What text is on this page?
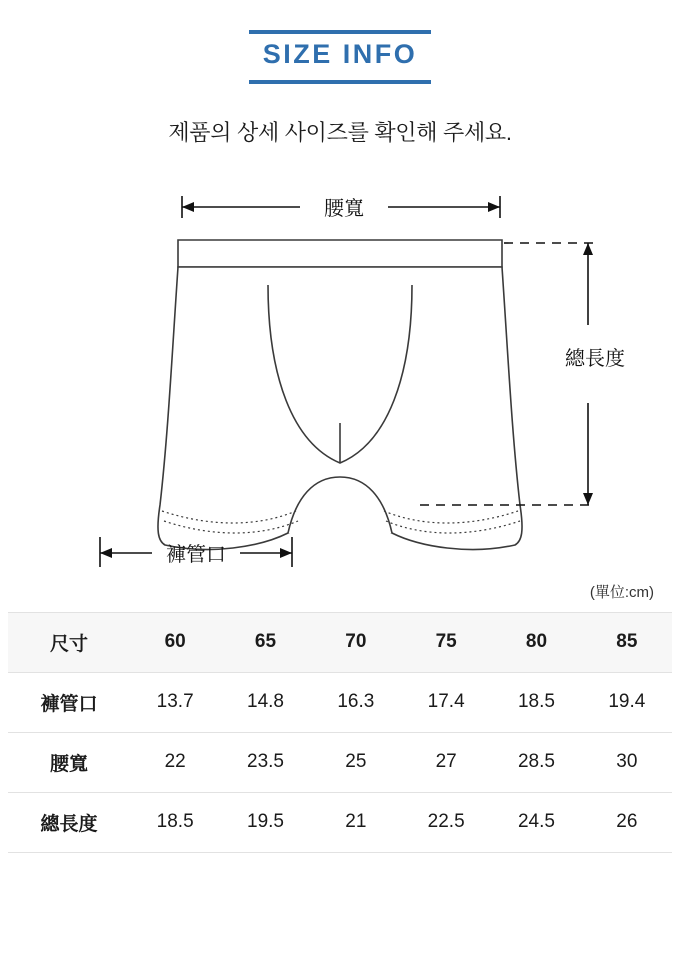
SIZE INFO
제품의 상세 사이즈를 확인해 주세요.
腰寬
總長度
褲管口
(單位:cm)
尺寸	60	65	70	75	80	85
褲管口	13.7	14.8	16.3	17.4	18.5	19.4
腰寬	22	23.5	25	27	28.5	30
總長度	18.5	19.5	21	22.5	24.5	26
